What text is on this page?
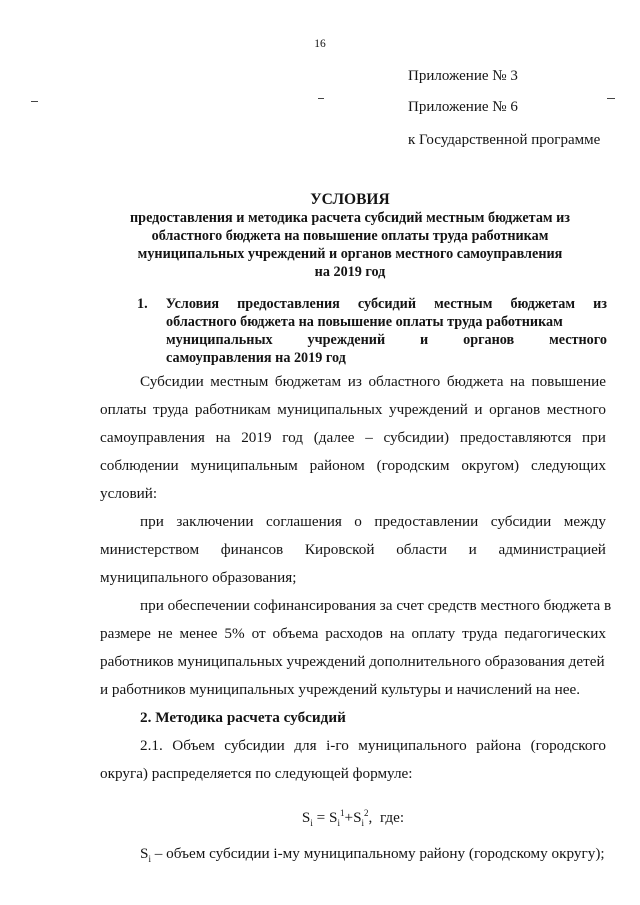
16
Приложение № 3
Приложение № 6
к Государственной программе
УСЛОВИЯ
предоставления и методика расчета субсидий местным бюджетам из
областного бюджета на повышение оплаты труда работникам
муниципальных учреждений и органов местного самоуправления
на 2019 год
1. Условия предоставления субсидий местным бюджетам из
областного бюджета на повышение оплаты труда работникам
муниципальных учреждений и органов местного
самоуправления на 2019 год
Субсидии местным бюджетам из областного бюджета на повышение
оплаты труда работникам муниципальных учреждений и органов местного
самоуправления на 2019 год (далее – субсидии) предоставляются при
соблюдении муниципальным районом (городским округом) следующих
условий:
при заключении соглашения о предоставлении субсидии между
министерством финансов Кировской области и администрацией
муниципального образования;
при обеспечении софинансирования за счет средств местного бюджета в
размере не менее 5% от объема расходов на оплату труда педагогических
работников муниципальных учреждений дополнительного образования детей
и работников муниципальных учреждений культуры и начислений на нее.
2. Методика расчета субсидий
2.1. Объем субсидии для i-го муниципального района (городского
округа) распределяется по следующей формуле:
$S_i = S_i^1+S_i^2$,  где:
$S_i$ – объем субсидии i-му муниципальному району (городскому округу);
